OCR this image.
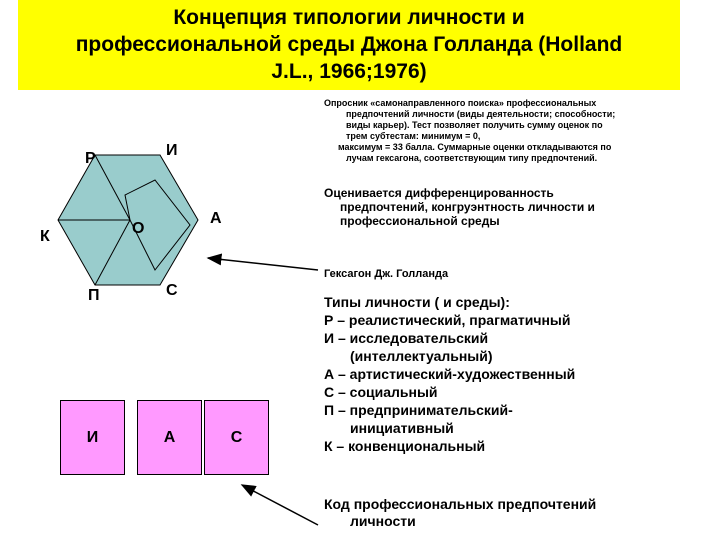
Концепция типологии личности и
профессиональной среды Джона Голланда (Holland
J.L., 1966;1976)
Опросник «самонаправленного поиска» профессиональных
предпочтений личности (виды деятельности; способности;
виды карьер). Тест позволяет получить сумму оценок по
трем субтестам: минимум = 0,
максимум = 33 балла. Суммарные оценки откладываются по
лучам гексагона, соответствующим типу предпочтений.
Оценивается дифференцированность
предпочтений, конгруэнтность личности и
профессиональной среды
Гексагон Дж. Голланда
Типы личности ( и среды):
Р – реалистический, прагматичный
И – исследовательский
(интеллектуальный)
А – артистический-художественный
С – социальный
П – предпринимательский-
инициативный
К – конвенциональный
Код профессиональных предпочтений
личности
Р	И
А
К	О
П	С
И	А	С
